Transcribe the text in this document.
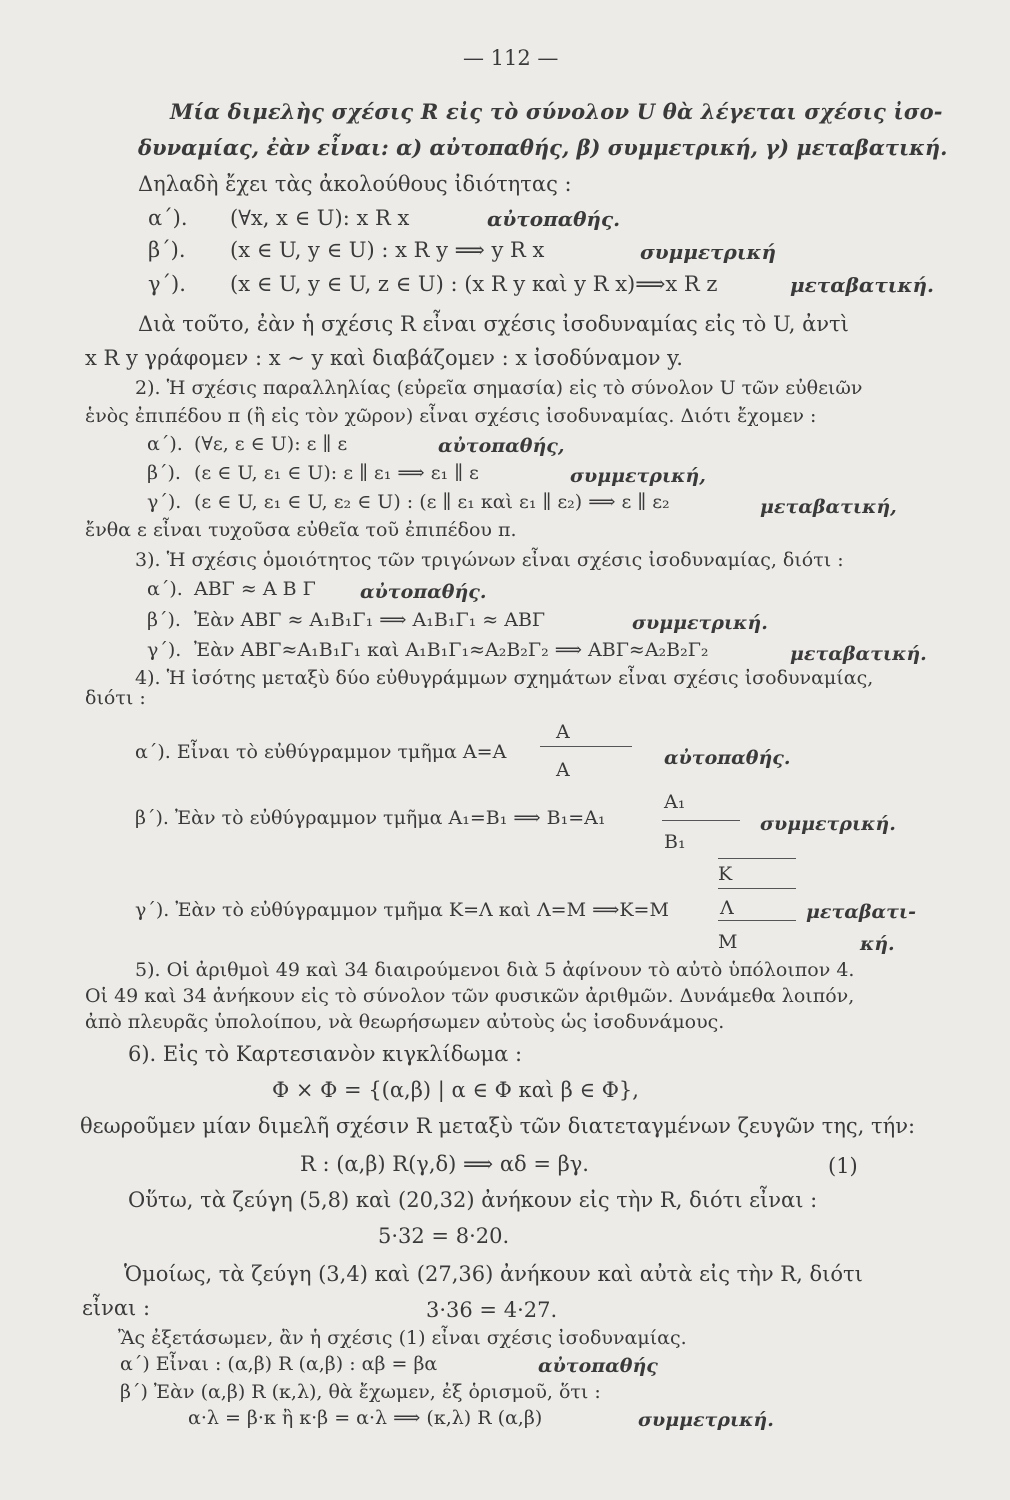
— 112 —
Μία διμελὴς σχέσις R εἰς τὸ σύνολον U θὰ λέγεται σχέσις ἰσο-
δυναμίας, ἐὰν εἶναι: α) αὐτοπαθής, β) συμμετρική, γ) μεταβατική.
Δηλαδὴ ἔχει τὰς ἀκολούθους ἰδιότητας :
α΄). (∀x, x ∈ U): x R x	αὐτοπαθής.
β΄). (x ∈ U, y ∈ U) : x R y ⟹ y R x	συμμετρική
γ΄). (x ∈ U, y ∈ U, z ∈ U) : (x R y καὶ y R x)⟹x R z	μεταβατική.
Διὰ τοῦτο, ἐὰν ἡ σχέσις R εἶναι σχέσις ἰσοδυναμίας εἰς τὸ U, ἀντὶ
x R y γράφομεν : x ∼ y καὶ διαβάζομεν : x ἰσοδύναμον y.
2). Ἡ σχέσις παραλληλίας (εὐρεῖα σημασία) εἰς τὸ σύνολον U τῶν εὐθειῶν
ἑνὸς ἐπιπέδου π (ἢ εἰς τὸν χῶρον) εἶναι σχέσις ἰσοδυναμίας. Διότι ἔχομεν :
α΄). (∀ε, ε ∈ U): ε ∥ ε	αὐτοπαθής,
β΄). (ε ∈ U, ε₁ ∈ U): ε ∥ ε₁ ⟹ ε₁ ∥ ε	συμμετρική,
γ΄). (ε ∈ U, ε₁ ∈ U, ε₂ ∈ U) : (ε ∥ ε₁ καὶ ε₁ ∥ ε₂) ⟹ ε ∥ ε₂	μεταβατική,
ἔνθα ε εἶναι τυχοῦσα εὐθεῖα τοῦ ἐπιπέδου π.
3). Ἡ σχέσις ὁμοιότητος τῶν τριγώνων εἶναι σχέσις ἰσοδυναμίας, διότι :
α΄). ΑΒΓ ≈ Α Β Γ αὐτοπαθής.
β΄). Ἐὰν ΑΒΓ ≈ Α₁Β₁Γ₁ ⟹ Α₁Β₁Γ₁ ≈ ΑΒΓ	συμμετρική.
γ΄). Ἐὰν ΑΒΓ≈Α₁Β₁Γ₁ καὶ Α₁Β₁Γ₁≈Α₂Β₂Γ₂ ⟹ ΑΒΓ≈Α₂Β₂Γ₂	μεταβατική.
4). Ἡ ἰσότης μεταξὺ δύο εὐθυγράμμων σχημάτων εἶναι σχέσις ἰσοδυναμίας,
διότι :
α΄). Εἶναι τὸ εὐθύγραμμον τμῆμα Α=Α
Α
Α
αὐτοπαθής.
β΄). Ἐὰν τὸ εὐθύγραμμον τμῆμα Α₁=Β₁ ⟹ Β₁=Α₁
Α₁
Β₁
συμμετρική.
Κ
γ΄). Ἐὰν τὸ εὐθύγραμμον τμῆμα Κ=Λ καὶ Λ=Μ ⟹Κ=Μ	Λ
Μ
μεταβατι-
κή.
5). Οἱ ἀριθμοὶ 49 καὶ 34 διαιρούμενοι διὰ 5 ἀφίνουν τὸ αὐτὸ ὑπόλοιπον 4.
Οἱ 49 καὶ 34 ἀνήκουν εἰς τὸ σύνολον τῶν φυσικῶν ἀριθμῶν. Δυνάμεθα λοιπόν,
ἀπὸ πλευρᾶς ὑπολοίπου, νὰ θεωρήσωμεν αὐτοὺς ὡς ἰσοδυνάμους.
6). Εἰς τὸ Καρτεσιανὸν κιγκλίδωμα :
Φ × Φ = {(α,β) | α ∈ Φ καὶ β ∈ Φ},
θεωροῦμεν μίαν διμελῆ σχέσιν R μεταξὺ τῶν διατεταγμένων ζευγῶν της, τήν:
R : (α,β) R(γ,δ) ⟹ αδ = βγ.	(1)
Οὕτω, τὰ ζεύγη (5,8) καὶ (20,32) ἀνήκουν εἰς τὴν R, διότι εἶναι :
5·32 = 8·20.
Ὁμοίως, τὰ ζεύγη (3,4) καὶ (27,36) ἀνήκουν καὶ αὐτὰ εἰς τὴν R, διότι
εἶναι :	3·36 = 4·27.
Ἂς ἐξετάσωμεν, ἂν ἡ σχέσις (1) εἶναι σχέσις ἰσοδυναμίας.
α΄) Εἶναι : (α,β) R (α,β) : αβ = βα	αὐτοπαθής
β΄) Ἐὰν (α,β) R (κ,λ), θὰ ἔχωμεν, ἐξ ὁρισμοῦ, ὅτι :
α·λ = β·κ ἢ κ·β = α·λ ⟹ (κ,λ) R (α,β)	συμμετρική.
